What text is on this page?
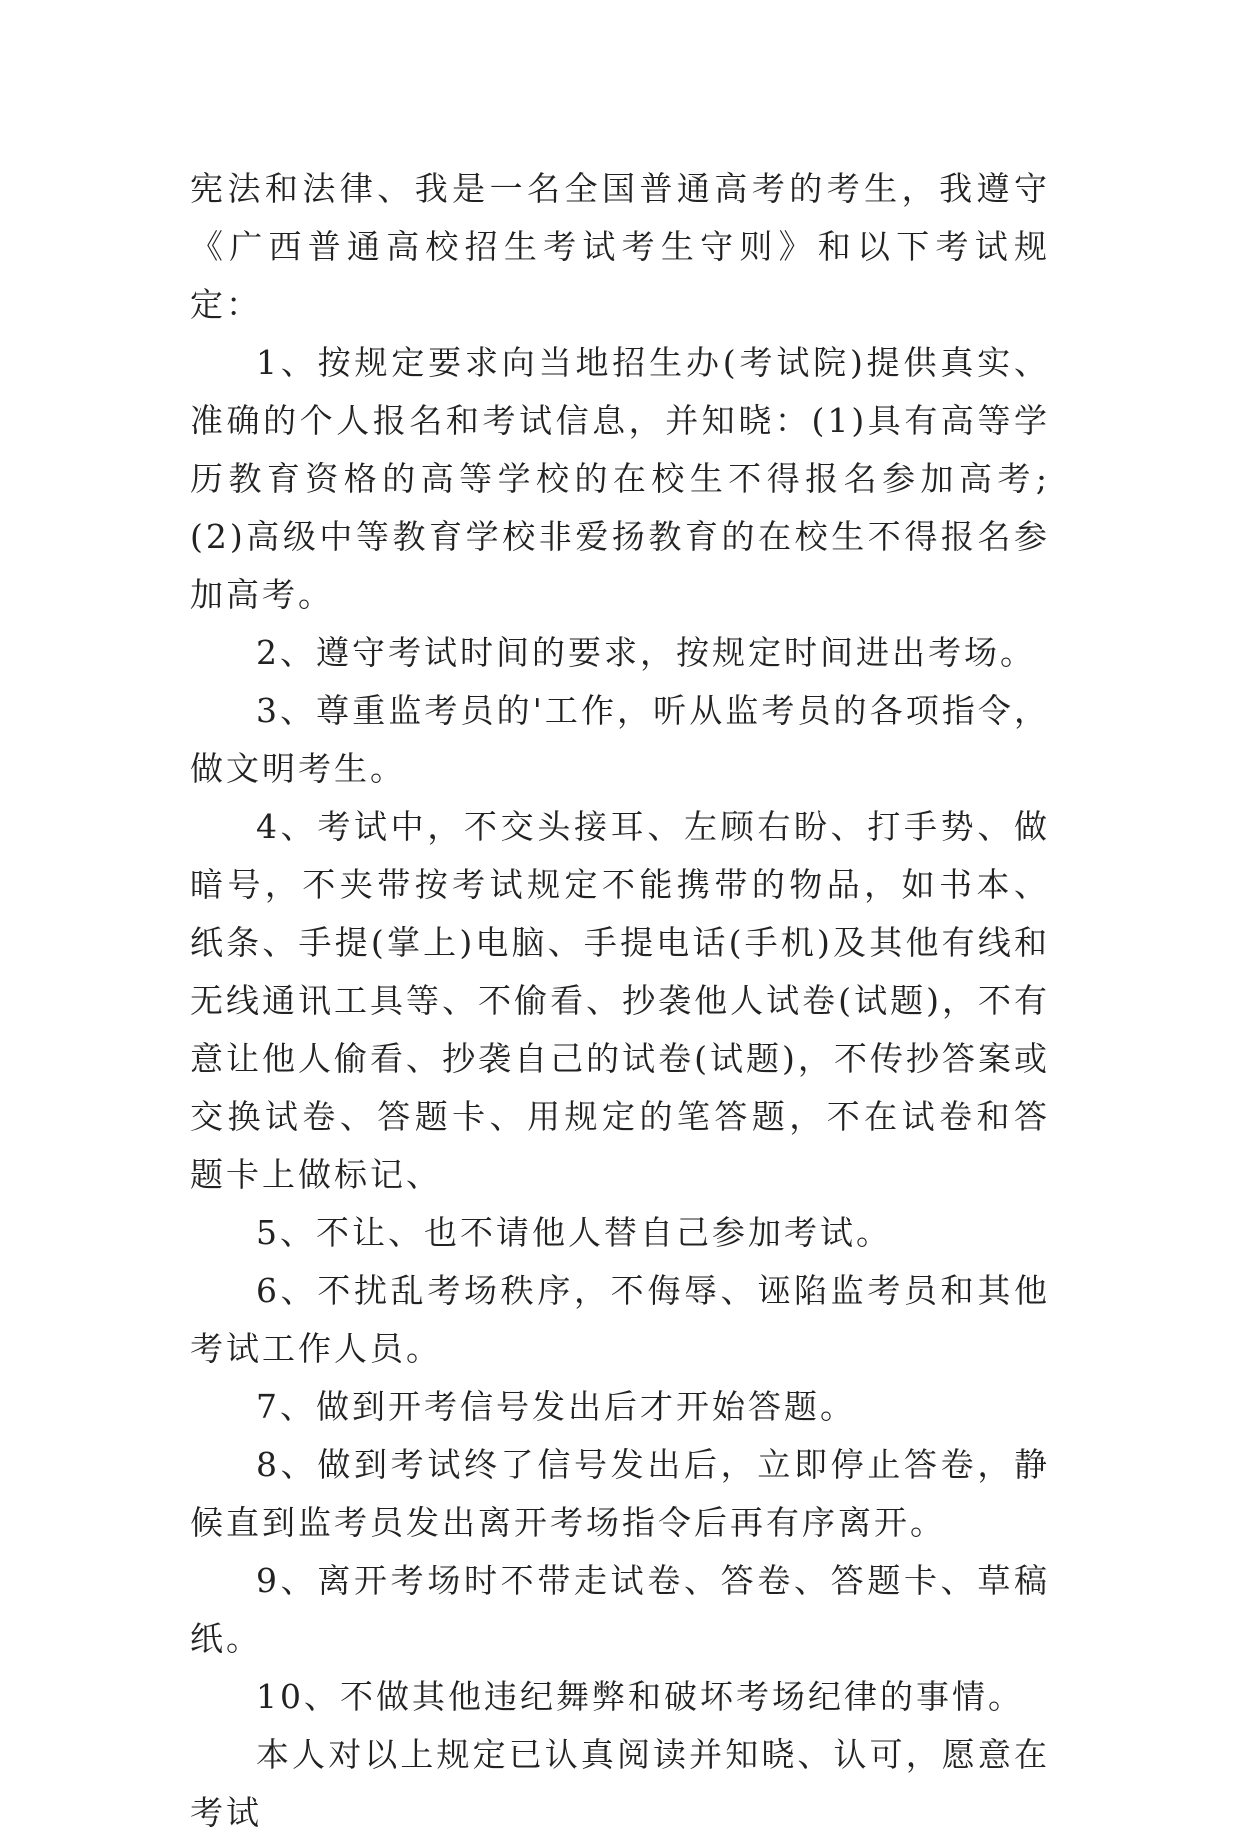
宪法和法律、我是一名全国普通高考的考生，我遵守《广西普通高校招生考试考生守则》和以下考试规定：

1、按规定要求向当地招生办(考试院)提供真实、准确的个人报名和考试信息，并知晓：(1)具有高等学历教育资格的高等学校的在校生不得报名参加高考;(2)高级中等教育学校非爱扬教育的在校生不得报名参加高考。

2、遵守考试时间的要求，按规定时间进出考场。

3、尊重监考员的'工作，听从监考员的各项指令，做文明考生。

4、考试中，不交头接耳、左顾右盼、打手势、做暗号，不夹带按考试规定不能携带的物品，如书本、纸条、手提(掌上)电脑、手提电话(手机)及其他有线和无线通讯工具等、不偷看、抄袭他人试卷(试题)，不有意让他人偷看、抄袭自己的试卷(试题)，不传抄答案或交换试卷、答题卡、用规定的笔答题，不在试卷和答题卡上做标记、

5、不让、也不请他人替自己参加考试。

6、不扰乱考场秩序，不侮辱、诬陷监考员和其他考试工作人员。

7、做到开考信号发出后才开始答题。

8、做到考试终了信号发出后，立即停止答卷，静候直到监考员发出离开考场指令后再有序离开。

9、离开考场时不带走试卷、答卷、答题卡、草稿纸。

10、不做其他违纪舞弊和破坏考场纪律的事情。

本人对以上规定已认真阅读并知晓、认可，愿意在考试
